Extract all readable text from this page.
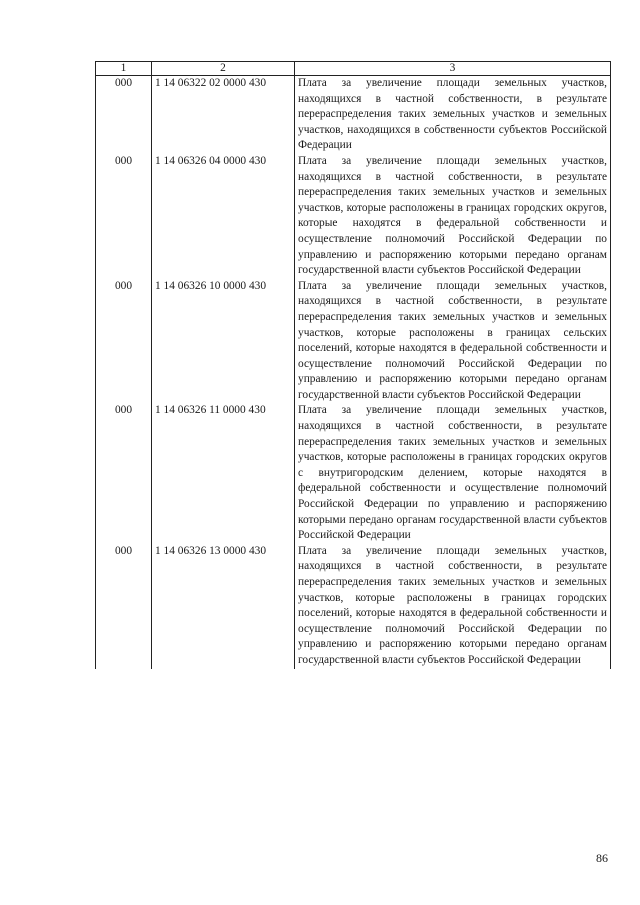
1	2	3
000	1 14 06322 02 0000 430	Плата за увеличение площади земельных участков, находящихся в частной собственности, в результате перераспределения таких земельных участков и земельных участков, находящихся в собственности субъектов Российской Федерации
000	1 14 06326 04 0000 430	Плата за увеличение площади земельных участков, находящихся в частной собственности, в результате перераспределения таких земельных участков и земельных участков, которые расположены в границах городских округов, которые находятся в федеральной собственности и осуществление полномочий Российской Федерации по управлению и распоряжению которыми передано органам государственной власти субъектов Российской Федерации
000	1 14 06326 10 0000 430	Плата за увеличение площади земельных участков, находящихся в частной собственности, в результате перераспределения таких земельных участков и земельных участков, которые расположены в границах сельских поселений, которые находятся в федеральной собственности и осуществление полномочий Российской Федерации по управлению и распоряжению которыми передано органам государственной власти субъектов Российской Федерации
000	1 14 06326 11 0000 430	Плата за увеличение площади земельных участков, находящихся в частной собственности, в результате перераспределения таких земельных участков и земельных участков, которые расположены в границах городских округов с внутригородским делением, которые находятся в федеральной собственности и осуществление полномочий Российской Федерации по управлению и распоряжению которыми передано органам государственной власти субъектов Российской Федерации
000	1 14 06326 13 0000 430	Плата за увеличение площади земельных участков, находящихся в частной собственности, в результате перераспределения таких земельных участков и земельных участков, которые расположены в границах городских поселений, которые находятся в федеральной собственности и осуществление полномочий Российской Федерации по управлению и распоряжению которыми передано органам государственной власти субъектов Российской Федерации
86
